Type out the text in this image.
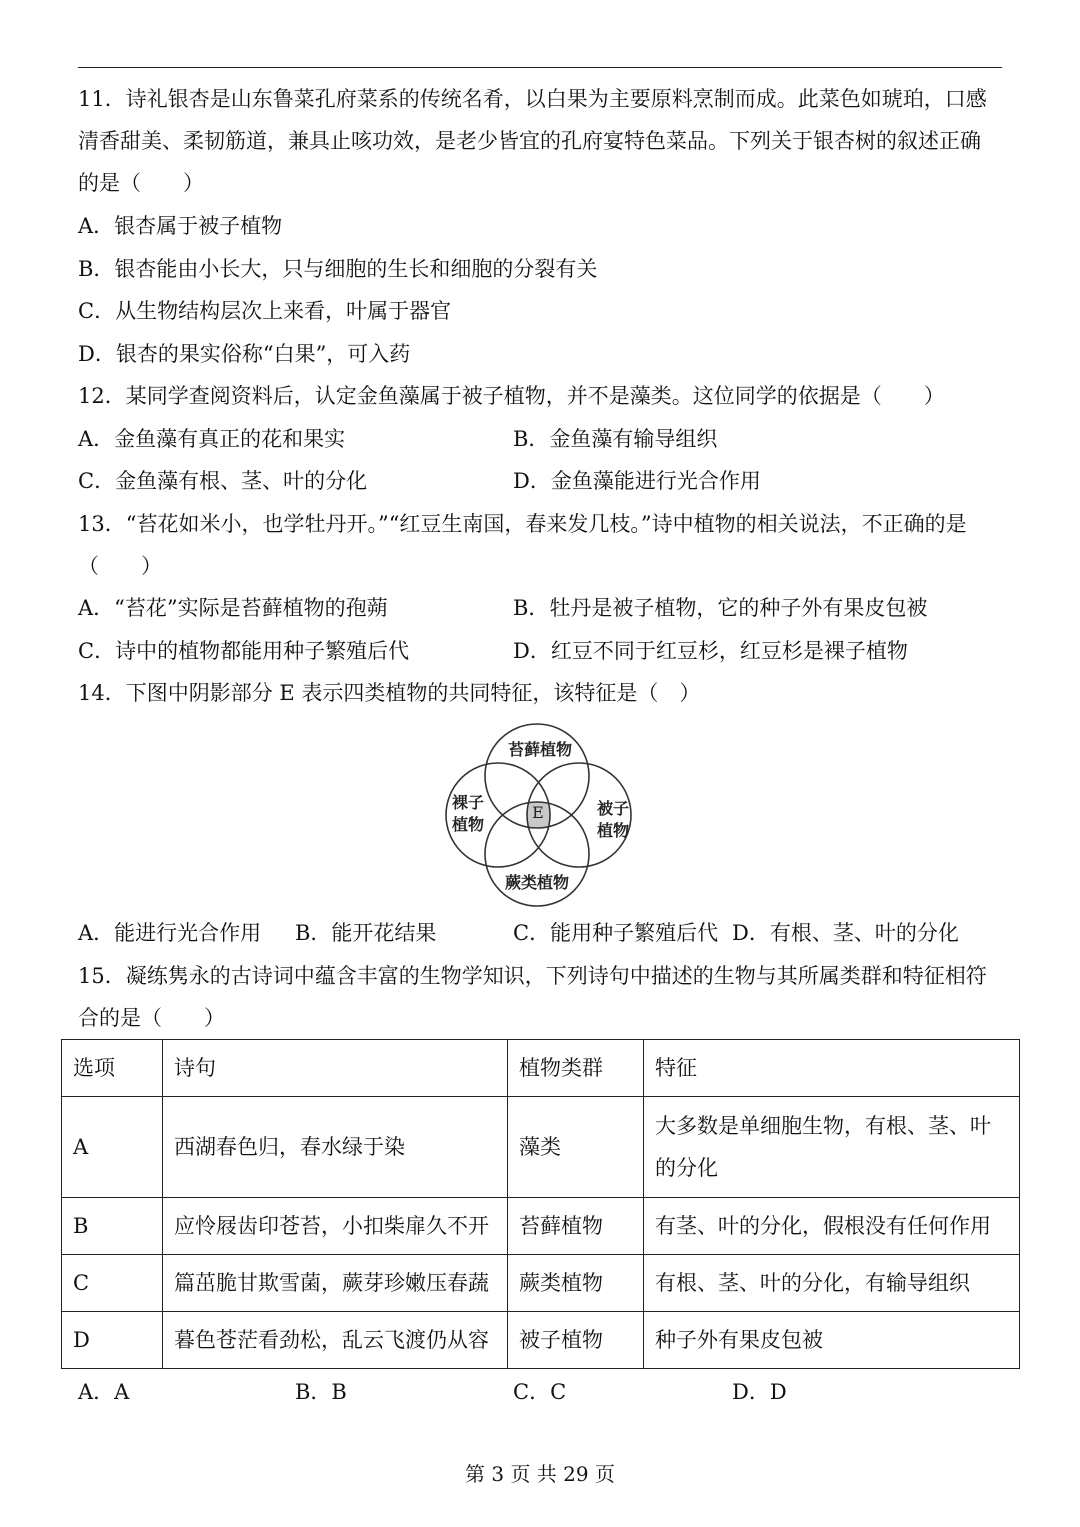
11．诗礼银杏是山东鲁菜孔府菜系的传统名肴，以白果为主要原料烹制而成。此菜色如琥珀，口感
清香甜美、柔韧筋道，兼具止咳功效，是老少皆宜的孔府宴特色菜品。下列关于银杏树的叙述正确
的是（　　）
A．银杏属于被子植物
B．银杏能由小长大，只与细胞的生长和细胞的分裂有关
C．从生物结构层次上来看，叶属于器官
D．银杏的果实俗称“白果”，可入药
12．某同学查阅资料后，认定金鱼藻属于被子植物，并不是藻类。这位同学的依据是（　　）
A．金鱼藻有真正的花和果实	B．金鱼藻有输导组织
C．金鱼藻有根、茎、叶的分化	D．金鱼藻能进行光合作用
13．“苔花如米小，也学牡丹开。”“红豆生南国，春来发几枝。”诗中植物的相关说法，不正确的是
（　　）
A．“苔花”实际是苔藓植物的孢蒴	B．牡丹是被子植物，它的种子外有果皮包被
C．诗中的植物都能用种子繁殖后代	D．红豆不同于红豆杉，红豆杉是裸子植物
14．下图中阴影部分 E 表示四类植物的共同特征，该特征是（　）
苔藓植物
裸子
植物
被子
植物
蕨类植物
E
A．能进行光合作用 B．能开花结果	C．能用种子繁殖后代 D．有根、茎、叶的分化
15．凝练隽永的古诗词中蕴含丰富的生物学知识，下列诗句中描述的生物与其所属类群和特征相符
合的是（　　）
选项	诗句	植物类群	特征
A	西湖春色归，春水绿于染	藻类	大多数是单细胞生物，有根、茎、叶
的分化

B	应怜屐齿印苍苔，小扣柴扉久不开	苔藓植物	有茎、叶的分化，假根没有任何作用
C	篇茁脆甘欺雪菌，蕨芽珍嫩压春蔬	蕨类植物	有根、茎、叶的分化，有输导组织
D	暮色苍茫看劲松，乱云飞渡仍从容	被子植物	种子外有果皮包被
A．A	B．B	C．C	D．D
第 3 页 共 29 页
